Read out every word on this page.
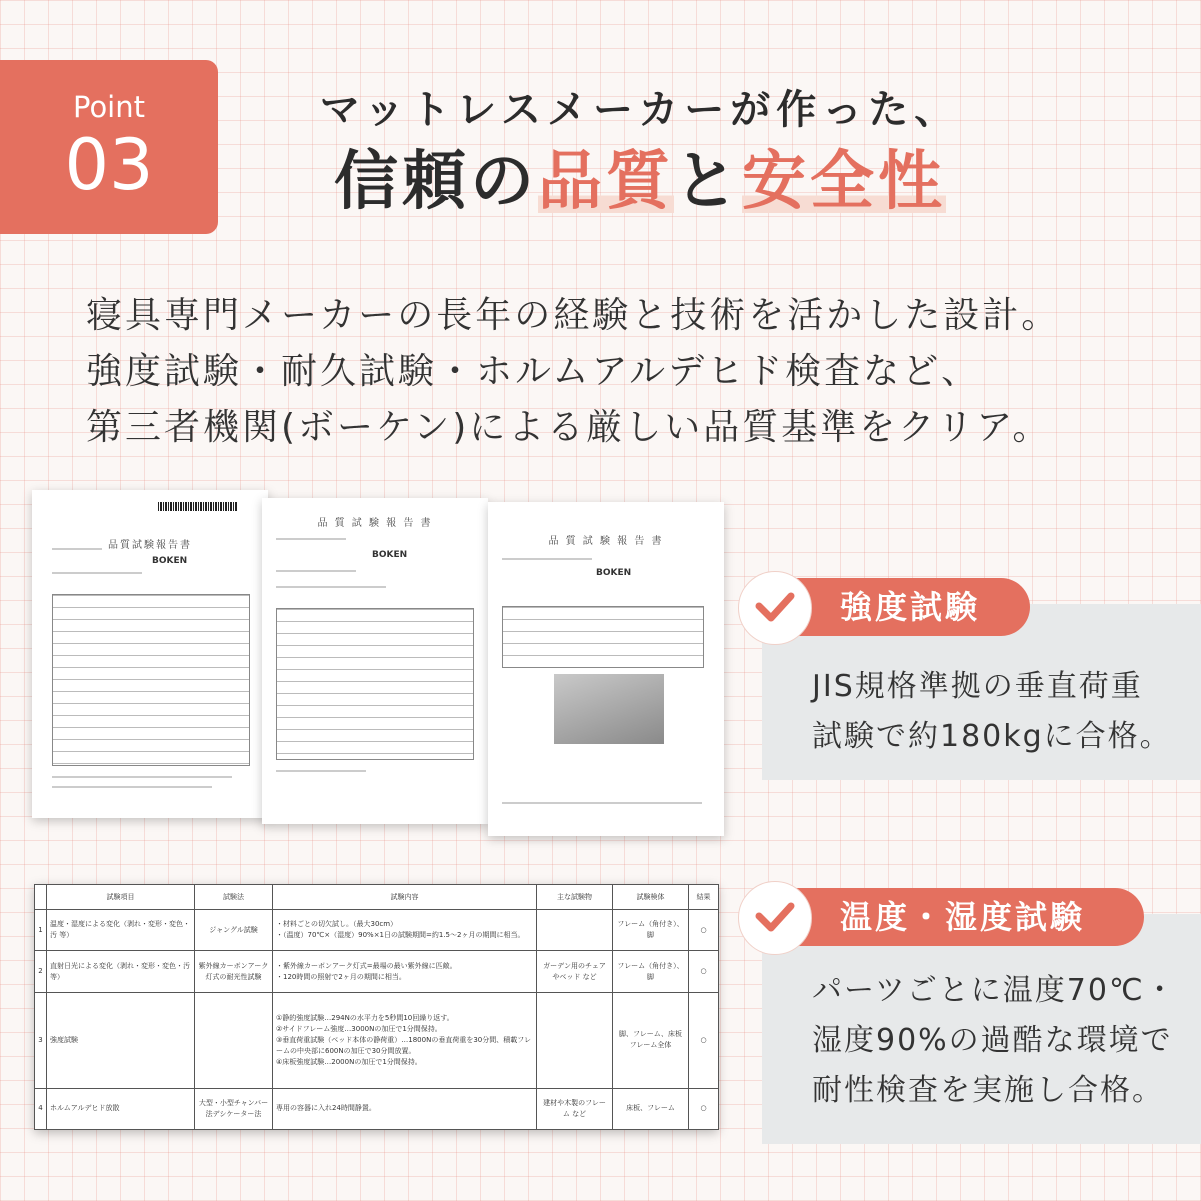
Point
03
マットレスメーカーが作った、
信頼の品質と安全性
寝具専門メーカーの長年の経験と技術を活かした設計。
強度試験・耐久試験・ホルムアルデヒド検査など、
第三者機関(ボーケン)による厳しい品質基準をクリア。
品質試験報告書
BOKEN
品 質 試 験 報 告 書
BOKEN
品 質 試 験 報 告 書
BOKEN
強度試験
JIS規格準拠の垂直荷重
試験で約180kgに合格。
温度・湿度試験
パーツごとに温度70℃・
湿度90%の過酷な環境で
耐性検査を実施し合格。
	試験項目	試験法	試験内容	主な試験物	試験検体	結果
1	温度・湿度による変化（剥れ・変形・変色・汚 等）	ジャングル試験	・材料ごとの切欠試し。（最大30cm）
・（温度）70℃×（湿度）90%×1日の試験期間=約1.5～2ヶ月の期間に相当。		フレーム（角付き）、脚	○
2	直射日光による変化（剥れ・変形・変色・汚 等）	紫外線カーボンアーク灯式の耐光性試験	・紫外線カーボンアーク灯式=最場の最い紫外線に匹敵。
・120時間の照射で2ヶ月の期間に相当。	ガーデン用のチェアやベッド など	フレーム（角付き）、脚	○
3	強度試験		①静的強度試験…294Nの水平力を5秒間10回繰り返す。
②サイドフレーム強度…3000Nの加圧で1分間保持。
③垂直荷重試験（ベッド本体の静荷重）…1800Nの垂直荷重を30分間、積載フレームの中央部に600Nの加圧で30分間放置。
④床板強度試験…2000Nの加圧で1分間保持。		脚、フレーム、床板フレーム全体	○
4	ホルムアルデヒド放散	大型・小型チャンバー法デシケーター法	専用の容器に入れ24時間静置。	建材や木製のフレーム など	床板、フレーム	○
